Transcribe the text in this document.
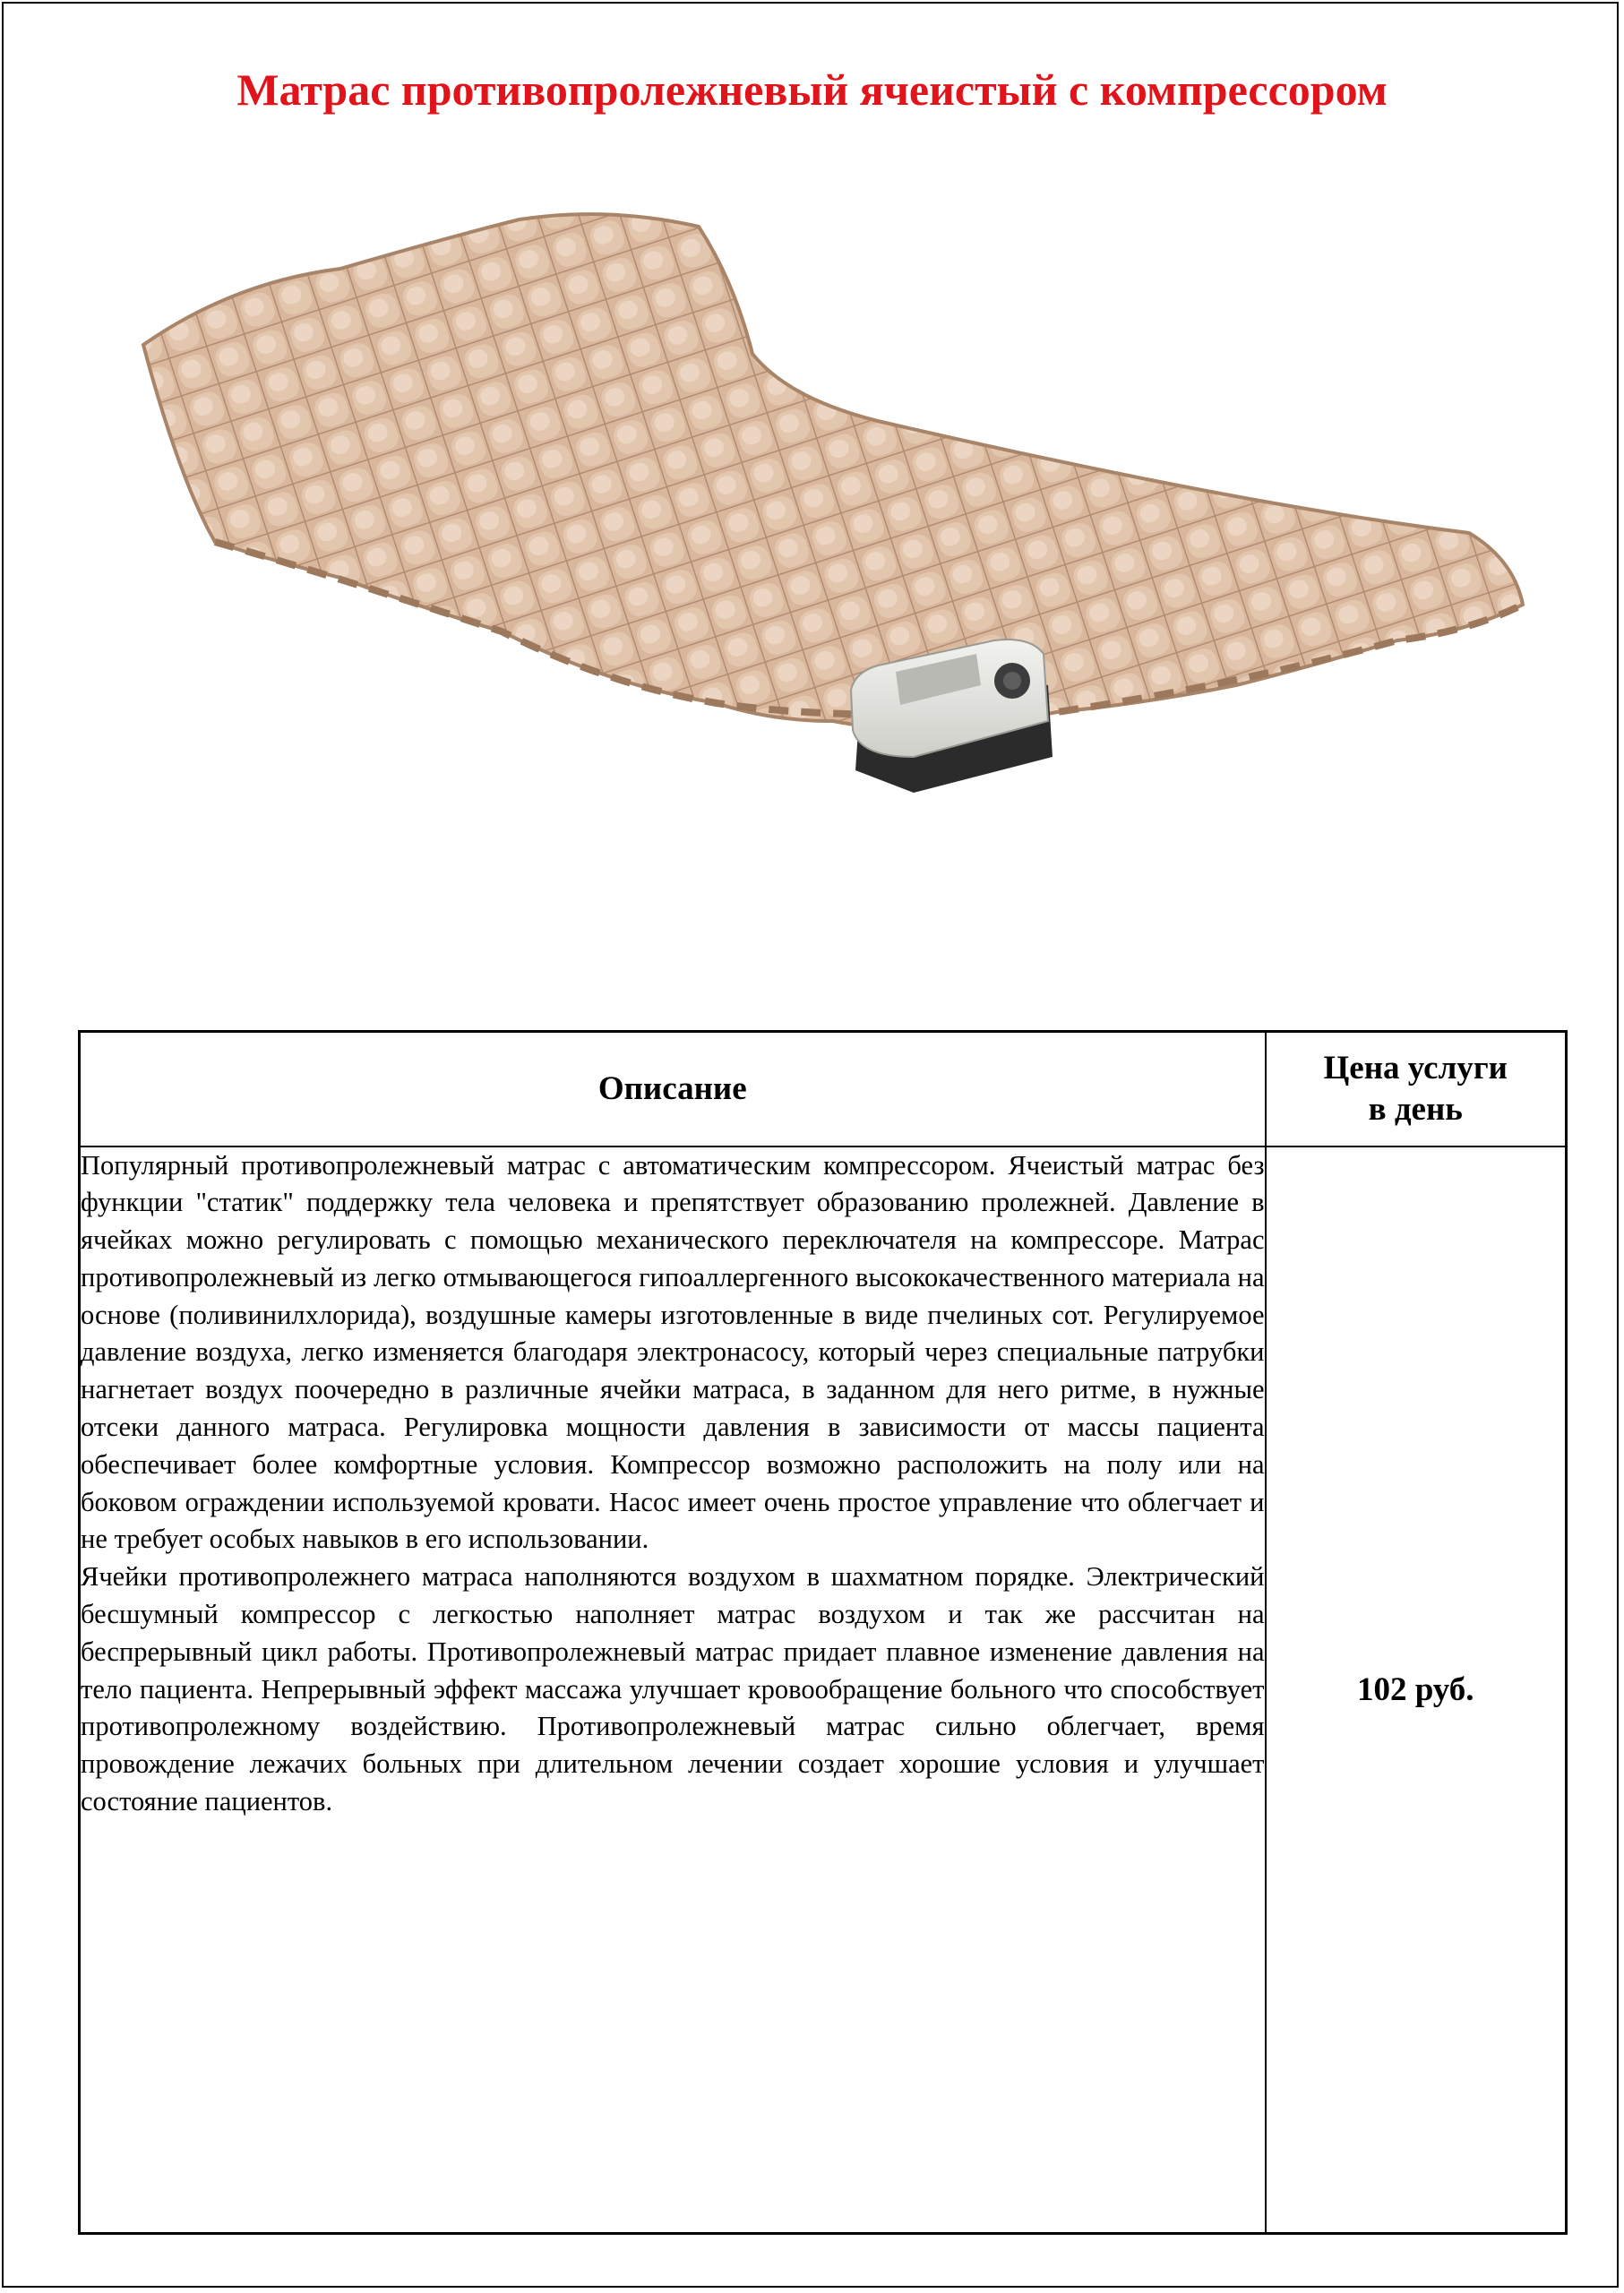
Матрас противопролежневый ячеистый с компрессором
Описание	Цена услуги
в день

Популярный противопролежневый матрас с автоматическим компрессором. Ячеистый матрас без функции "статик" поддержку тела человека и препятствует образованию пролежней. Давление в ячейках можно регулировать с помощью механического переключателя на компрессоре. Матрас противопролежневый из легко отмывающегося гипоаллергенного высококачественного материала на основе (поливинилхлорида), воздушные камеры изготовленные в виде пчелиных сот. Регулируемое давление воздуха, легко изменяется благодаря электронасосу, который через специальные патрубки нагнетает воздух поочередно в различные ячейки матраса, в заданном для него ритме, в нужные отсеки данного матраса. Регулировка мощности давления в зависимости от массы пациента обеспечивает более комфортные условия. Компрессор возможно расположить на полу или на боковом ограждении используемой кровати. Насос имеет очень простое управление что облегчает и не требует особых навыков в его использовании.

Ячейки противопролежнего матраса наполняются воздухом в шахматном порядке. Электрический бесшумный компрессор с легкостью наполняет матрас воздухом и так же рассчитан на беспрерывный цикл работы. Противопролежневый матрас придает плавное изменение давления на тело пациента. Непрерывный эффект массажа улучшает кровообращение больного что способствует противопролежному воздействию. Противопролежневый матрас сильно облегчает, время провождение лежачих больных при длительном лечении создает хорошие условия и улучшает состояние пациентов.	102 руб.
